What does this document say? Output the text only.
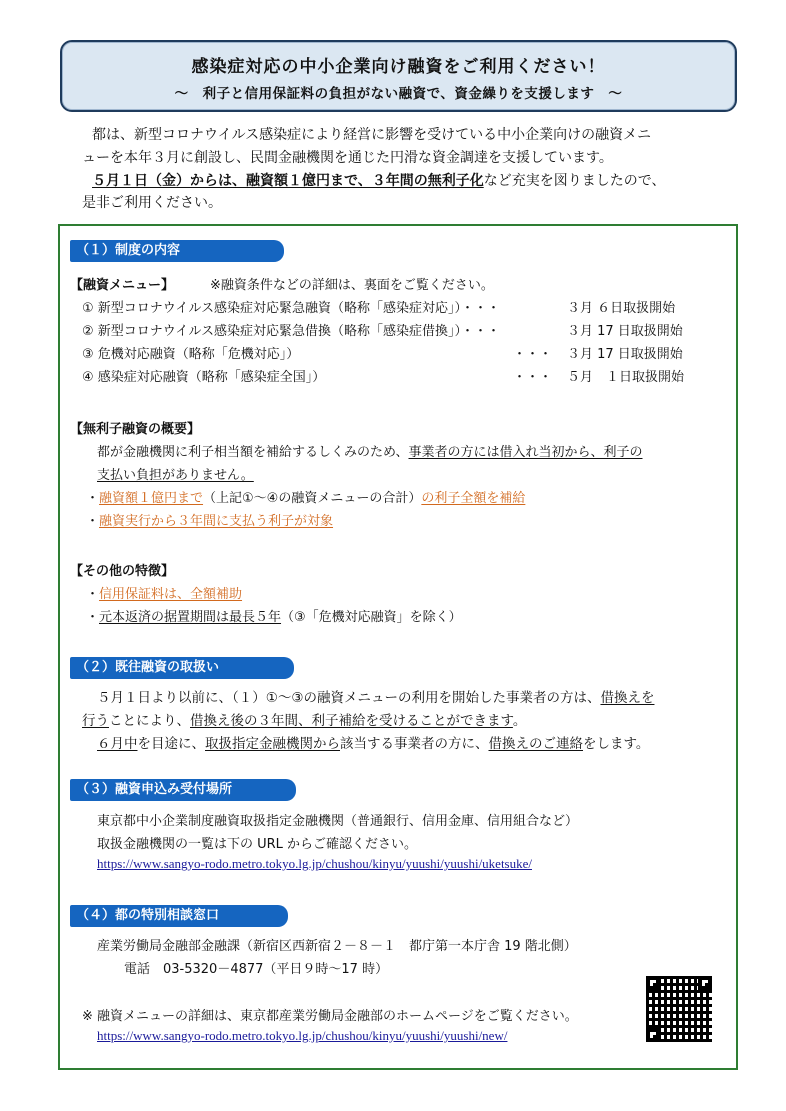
感染症対応の中小企業向け融資をご利用ください！
～　利子と信用保証料の負担がない融資で、資金繰りを支援します　～
都は、新型コロナウイルス感染症により経営に影響を受けている中小企業向けの融資メニ
ューを本年３月に創設し、民間金融機関を通じた円滑な資金調達を支援しています。
５月１日（金）からは、融資額１億円まで、３年間の無利子化など充実を図りましたので、
是非ご利用ください。
（１）制度の内容
【融資メニュー】	※融資条件などの詳細は、裏面をご覧ください。
① 新型コロナウイルス感染症対応緊急融資（略称「感染症対応」）・・・	３月 ６日取扱開始
② 新型コロナウイルス感染症対応緊急借換（略称「感染症借換」）・・・	３月 17 日取扱開始
③ 危機対応融資（略称「危機対応」）	・・・ ３月 17 日取扱開始
④ 感染症対応融資（略称「感染症全国」）	・・・ ５月　１日取扱開始
【無利子融資の概要】
都が金融機関に利子相当額を補給するしくみのため、事業者の方には借入れ当初から、利子の
支払い負担がありません。
・融資額１億円まで（上記①～④の融資メニューの合計）の利子全額を補給
・融資実行から３年間に支払う利子が対象
【その他の特徴】
・信用保証料は、全額補助
・元本返済の据置期間は最長５年（③「危機対応融資」を除く）
（２）既往融資の取扱い
５月１日より以前に、（１）①～③の融資メニューの利用を開始した事業者の方は、借換えを
行うことにより、借換え後の３年間、利子補給を受けることができます。
６月中を目途に、取扱指定金融機関から該当する事業者の方に、借換えのご連絡をします。
（３）融資申込み受付場所
東京都中小企業制度融資取扱指定金融機関（普通銀行、信用金庫、信用組合など）
取扱金融機関の一覧は下の URL からご確認ください。
https://www.sangyo-rodo.metro.tokyo.lg.jp/chushou/kinyu/yuushi/yuushi/uketsuke/
（４）都の特別相談窓口
産業労働局金融部金融課（新宿区西新宿２－８－１　都庁第一本庁舎 19 階北側）
電話　03-5320－4877（平日９時～17 時）
※ 融資メニューの詳細は、東京都産業労働局金融部のホームページをご覧ください。
https://www.sangyo-rodo.metro.tokyo.lg.jp/chushou/kinyu/yuushi/yuushi/new/
